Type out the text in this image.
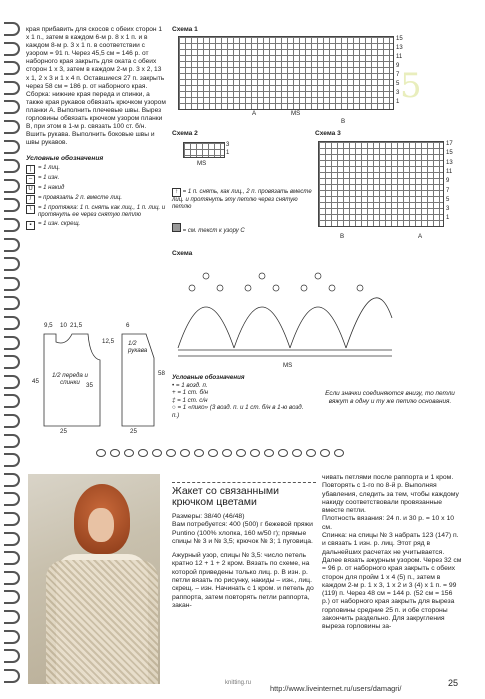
5

края прибавить для скосов с обеих сторон 1 х 1 п., затем в каждом 6-м р. 8 х 1 п. и в каждом 8-м р. 3 х 1 п. в соответствии с узором = 91 п. Через 45,5 см = 146 р. от наборного края закрыть для оката с обеих сторон 1 х 3, затем в каждом 2-м р. 3 х 2, 13 х 1, 2 х 3 и 1 х 4 п. Оставшиеся 27 п. закрыть через 58 см = 186 р. от наборного края.

Сборка: нижние края переда и спинки, а также края рукавов обвязать крючком узором планки A. Выполнить плечевые швы. Вырез горловины обвязать крючком узором планки B, при этом в 1-м р. связать 100 ст. б/н. Вшить рукава. Выполнить боковые швы и швы рукавов.

Условные обозначения
|	= 1 лиц.
– = 1 изн.
U = 1 накид
/	= провязать 2 п. вместе лиц.
\	= 1 протяжка: 1 п. снять как лиц., 1 п. лиц. и протянуть ее через снятую петлю
▪	= 1 изн. скрещ.
Схема 1
15
13
11
9
7
5
3
1
A	MS
B
Схема 2
3
1
MS
↑ = 1 п. снять, как лиц., 2 п. провязать вместе лиц. и протянуть эту петлю через снятую петлю
= см. текст к узору C
Схема 3
17
15
13
11
9
7
5
3
1
B	A
Схема
MS
9,5 10 21,5
35
45
25
58
12,5
6
25
1/2 переда и спинки
1/2 рукава
Условные обозначения
• = 1 возд. п.
+ = 1 ст. б/н
‡ = 1 ст. с/н
○ = 1 «пико» (3 возд. п. и 1 ст. б/н в 1-ю возд. п.)
Если значки соединяются внизу, то петли вяжут в одну и ту же петлю основания.
Жакет со связанными крючком цветами

Размеры: 38/40 (46/48)

Вам потребуется: 400 (500) г бежевой пряжи Puntino (100% хлопка, 160 м/50 г); прямые спицы № 3 и № 3,5; крючок № 3; 1 пуговица.

Ажурный узор, спицы № 3,5: число петель кратно 12 + 1 + 2 кром. Вязать по схеме, на которой приведены только лиц. р. В изн. р. петли вязать по рисунку, накиды – изн., лиц. скрещ. – изн. Начинать с 1 кром. и петель до раппорта, затем повторять петли раппорта, закан-

чивать петлями после раппорта и 1 кром. Повторять с 1-го по 8-й р. Выполняя убавления, следить за тем, чтобы каждому накиду соответствовали провязанные вместе петли.

Плотность вязания: 24 п. и 30 р. = 10 х 10 см.

Спинка: на спицы № 3 набрать 123 (147) п. и связать 1 изн. р. лиц. Этот ряд в дальнейших расчетах не учитывается. Далее вязать ажурным узором. Через 32 см = 96 р. от наборного края закрыть с обеих сторон для пройм 1 х 4 (5) п., затем в каждом 2-м р. 1 х 3, 1 х 2 и 3 (4) х 1 п. = 99 (119) п. Через 48 см = 144 р. (52 см = 156 р.) от наборного края закрыть для выреза горловины средние 25 п. и обе стороны закончить раздельно. Для закругления выреза горловины за-

knitting.ru
http://www.liveinternet.ru/users/damagri/
25
